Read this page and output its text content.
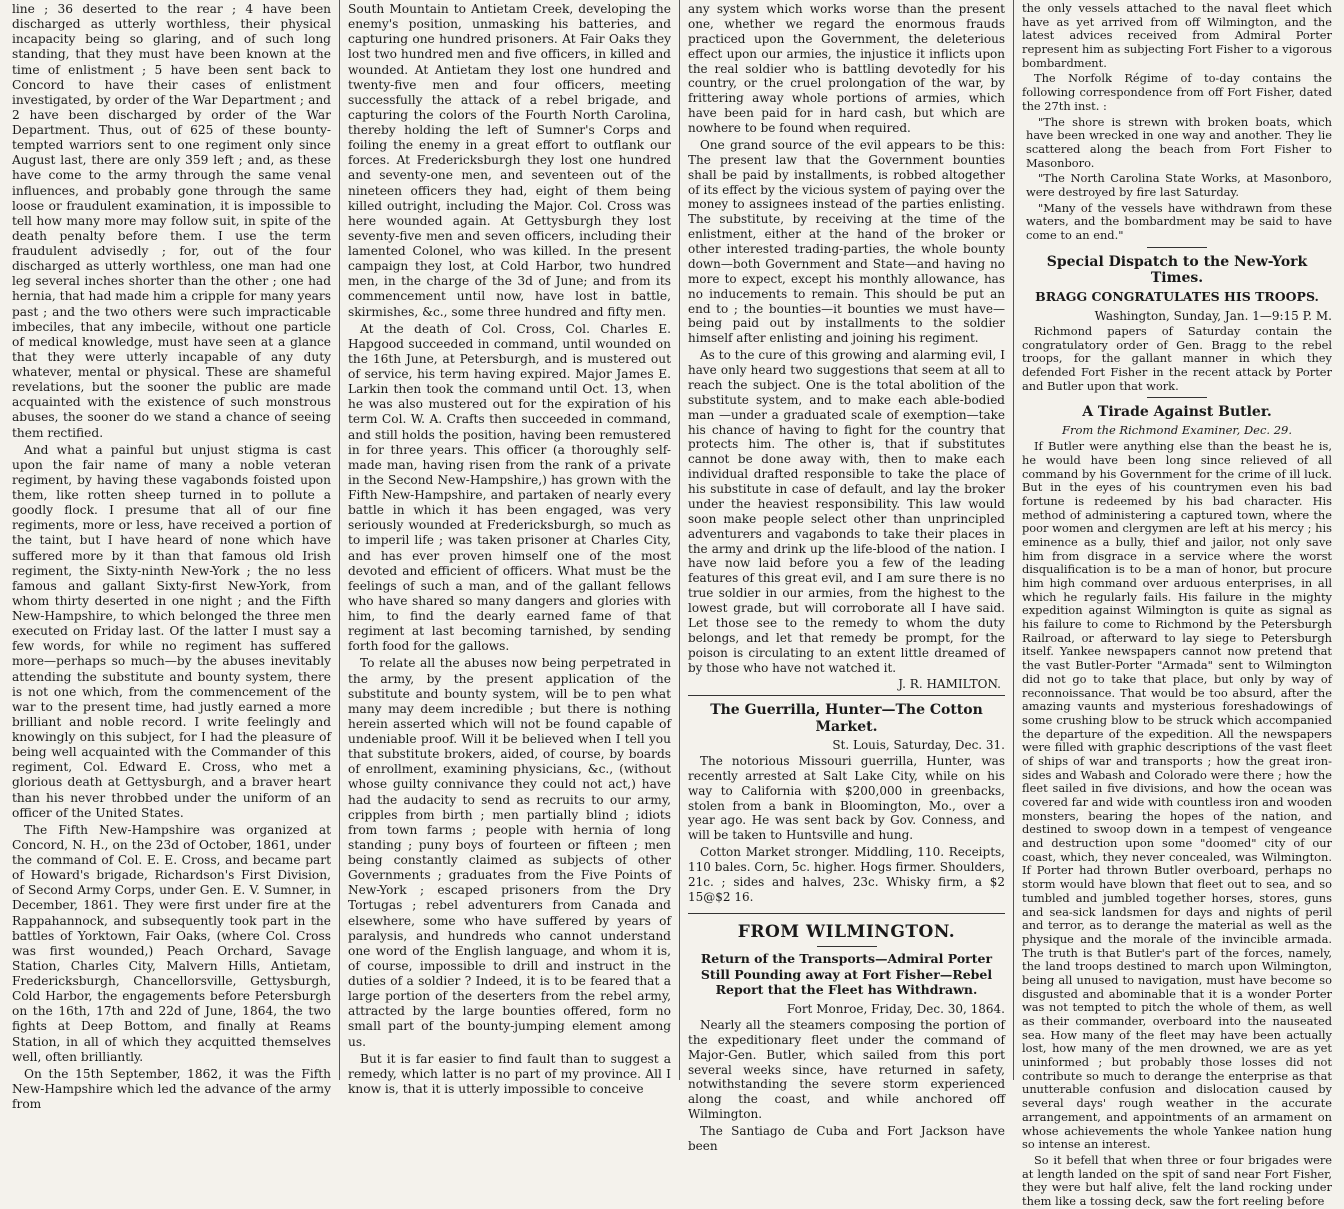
line ; 36 deserted to the rear ; 4 have been discharged as utterly worthless, their physical incapacity being so glaring, and of such long standing, that they must have been known at the time of enlistment ; 5 have been sent back to Concord to have their cases of enlistment investigated, by order of the War Department ; and 2 have been discharged by order of the War Department. Thus, out of 625 of these bounty-tempted warriors sent to one regiment only since August last, there are only 359 left ; and, as these have come to the army through the same venal influences, and probably gone through the same loose or fraudulent examination, it is impossible to tell how many more may follow suit, in spite of the death penalty before them. I use the term fraudulent advisedly ; for, out of the four discharged as utterly worthless, one man had one leg several inches shorter than the other ; one had hernia, that had made him a cripple for many years past ; and the two others were such impracticable imbeciles, that any imbecile, without one particle of medical knowledge, must have seen at a glance that they were utterly incapable of any duty whatever, mental or physical. These are shameful revelations, but the sooner the public are made acquainted with the existence of such monstrous abuses, the sooner do we stand a chance of seeing them rectified.

And what a painful but unjust stigma is cast upon the fair name of many a noble veteran regiment, by having these vagabonds foisted upon them, like rotten sheep turned in to pollute a goodly flock. I presume that all of our fine regiments, more or less, have received a portion of the taint, but I have heard of none which have suffered more by it than that famous old Irish regiment, the Sixty-ninth New-York ; the no less famous and gallant Sixty-first New-York, from whom thirty deserted in one night ; and the Fifth New-Hampshire, to which belonged the three men executed on Friday last. Of the latter I must say a few words, for while no regiment has suffered more—perhaps so much—by the abuses inevitably attending the substitute and bounty system, there is not one which, from the commencement of the war to the present time, had justly earned a more brilliant and noble record. I write feelingly and knowingly on this subject, for I had the pleasure of being well acquainted with the Commander of this regiment, Col. Edward E. Cross, who met a glorious death at Gettysburgh, and a braver heart than his never throbbed under the uniform of an officer of the United States.

The Fifth New-Hampshire was organized at Concord, N. H., on the 23d of October, 1861, under the command of Col. E. E. Cross, and became part of Howard's brigade, Richardson's First Division, of Second Army Corps, under Gen. E. V. Sumner, in December, 1861. They were first under fire at the Rappahannock, and subsequently took part in the battles of Yorktown, Fair Oaks, (where Col. Cross was first wounded,) Peach Orchard, Savage Station, Charles City, Malvern Hills, Antietam, Fredericksburgh, Chancellorsville, Gettysburgh, Cold Harbor, the engagements before Petersburgh on the 16th, 17th and 22d of June, 1864, the two fights at Deep Bottom, and finally at Reams Station, in all of which they acquitted themselves well, often brilliantly.

On the 15th September, 1862, it was the Fifth New-Hampshire which led the advance of the army from

South Mountain to Antietam Creek, developing the enemy's position, unmasking his batteries, and capturing one hundred prisoners. At Fair Oaks they lost two hundred men and five officers, in killed and wounded. At Antietam they lost one hundred and twenty-five men and four officers, meeting successfully the attack of a rebel brigade, and capturing the colors of the Fourth North Carolina, thereby holding the left of Sumner's Corps and foiling the enemy in a great effort to outflank our forces. At Fredericksburgh they lost one hundred and seventy-one men, and seventeen out of the nineteen officers they had, eight of them being killed outright, including the Major. Col. Cross was here wounded again. At Gettysburgh they lost seventy-five men and seven officers, including their lamented Colonel, who was killed. In the present campaign they lost, at Cold Harbor, two hundred men, in the charge of the 3d of June; and from its commencement until now, have lost in battle, skirmishes, &c., some three hundred and fifty men.

At the death of Col. Cross, Col. Charles E. Hapgood succeeded in command, until wounded on the 16th June, at Petersburgh, and is mustered out of service, his term having expired. Major James E. Larkin then took the command until Oct. 13, when he was also mustered out for the expiration of his term Col. W. A. Crafts then succeeded in command, and still holds the position, having been remustered in for three years. This officer (a thoroughly self-made man, having risen from the rank of a private in the Second New-Hampshire,) has grown with the Fifth New-Hampshire, and partaken of nearly every battle in which it has been engaged, was very seriously wounded at Fredericksburgh, so much as to imperil life ; was taken prisoner at Charles City, and has ever proven himself one of the most devoted and efficient of officers. What must be the feelings of such a man, and of the gallant fellows who have shared so many dangers and glories with him, to find the dearly earned fame of that regiment at last becoming tarnished, by sending forth food for the gallows.

To relate all the abuses now being perpetrated in the army, by the present application of the substitute and bounty system, will be to pen what many may deem incredible ; but there is nothing herein asserted which will not be found capable of undeniable proof. Will it be believed when I tell you that substitute brokers, aided, of course, by boards of enrollment, examining physicians, &c., (without whose guilty connivance they could not act,) have had the audacity to send as recruits to our army, cripples from birth ; men partially blind ; idiots from town farms ; people with hernia of long standing ; puny boys of fourteen or fifteen ; men being constantly claimed as subjects of other Governments ; graduates from the Five Points of New-York ; escaped prisoners from the Dry Tortugas ; rebel adventurers from Canada and elsewhere, some who have suffered by years of paralysis, and hundreds who cannot understand one word of the English language, and whom it is, of course, impossible to drill and instruct in the duties of a soldier ? Indeed, it is to be feared that a large portion of the deserters from the rebel army, attracted by the large bounties offered, form no small part of the bounty-jumping element among us.

But it is far easier to find fault than to suggest a remedy, which latter is no part of my province. All I know is, that it is utterly impossible to conceive

any system which works worse than the present one, whether we regard the enormous frauds practiced upon the Government, the deleterious effect upon our armies, the injustice it inflicts upon the real soldier who is battling devotedly for his country, or the cruel prolongation of the war, by frittering away whole portions of armies, which have been paid for in hard cash, but which are nowhere to be found when required.

One grand source of the evil appears to be this: The present law that the Government bounties shall be paid by installments, is robbed altogether of its effect by the vicious system of paying over the money to assignees instead of the parties enlisting. The substitute, by receiving at the time of the enlistment, either at the hand of the broker or other interested trading-parties, the whole bounty down—both Government and State—and having no more to expect, except his monthly allowance, has no inducements to remain. This should be put an end to ; the bounties—it bounties we must have—being paid out by installments to the soldier himself after enlisting and joining his regiment.

As to the cure of this growing and alarming evil, I have only heard two suggestions that seem at all to reach the subject. One is the total abolition of the substitute system, and to make each able-bodied man —under a graduated scale of exemption—take his chance of having to fight for the country that protects him. The other is, that if substitutes cannot be done away with, then to make each individual drafted responsible to take the place of his substitute in case of default, and lay the broker under the heaviest responsibility. This law would soon make people select other than unprincipled adventurers and vagabonds to take their places in the army and drink up the life-blood of the nation. I have now laid before you a few of the leading features of this great evil, and I am sure there is no true soldier in our armies, from the highest to the lowest grade, but will corroborate all I have said. Let those see to the remedy to whom the duty belongs, and let that remedy be prompt, for the poison is circulating to an extent little dreamed of by those who have not watched it.

J. R. HAMILTON.
The Guerrilla, Hunter—The Cotton Market.
St. Louis, Saturday, Dec. 31.

The notorious Missouri guerrilla, Hunter, was recently arrested at Salt Lake City, while on his way to California with $200,000 in greenbacks, stolen from a bank in Bloomington, Mo., over a year ago. He was sent back by Gov. Conness, and will be taken to Huntsville and hung.

Cotton Market stronger. Middling, 110. Receipts, 110 bales. Corn, 5c. higher. Hogs firmer. Shoulders, 21c. ; sides and halves, 23c. Whisky firm, a $2 15@$2 16.

FROM WILMINGTON.
Return of the Transports—Admiral Porter Still Pounding away at Fort Fisher—Rebel Report that the Fleet has Withdrawn.
Fort Monroe, Friday, Dec. 30, 1864.

Nearly all the steamers composing the portion of the expeditionary fleet under the command of Major-Gen. Butler, which sailed from this port several weeks since, have returned in safety, notwithstanding the severe storm experienced along the coast, and while anchored off Wilmington.

The Santiago de Cuba and Fort Jackson have been

the only vessels attached to the naval fleet which have as yet arrived from off Wilmington, and the latest advices received from Admiral Porter represent him as subjecting Fort Fisher to a vigorous bombardment.

The Norfolk Régime of to-day contains the following correspondence from off Fort Fisher, dated the 27th inst. :

"The shore is strewn with broken boats, which have been wrecked in one way and another. They lie scattered along the beach from Fort Fisher to Masonboro.

"The North Carolina State Works, at Masonboro, were destroyed by fire last Saturday.

"Many of the vessels have withdrawn from these waters, and the bombardment may be said to have come to an end."

Special Dispatch to the New-York Times.
BRAGG CONGRATULATES HIS TROOPS.
Washington, Sunday, Jan. 1—9:15 P. M.

Richmond papers of Saturday contain the congratulatory order of Gen. Bragg to the rebel troops, for the gallant manner in which they defended Fort Fisher in the recent attack by Porter and Butler upon that work.

A Tirade Against Butler.
From the Richmond Examiner, Dec. 29.

If Butler were anything else than the beast he is, he would have been long since relieved of all command by his Government for the crime of ill luck. But in the eyes of his countrymen even his bad fortune is redeemed by his bad character. His method of administering a captured town, where the poor women and clergymen are left at his mercy ; his eminence as a bully, thief and jailor, not only save him from disgrace in a service where the worst disqualification is to be a man of honor, but procure him high command over arduous enterprises, in all which he regularly fails. His failure in the mighty expedition against Wilmington is quite as signal as his failure to come to Richmond by the Petersburgh Railroad, or afterward to lay siege to Petersburgh itself. Yankee newspapers cannot now pretend that the vast Butler-Porter "Armada" sent to Wilmington did not go to take that place, but only by way of reconnoissance. That would be too absurd, after the amazing vaunts and mysterious foreshadowings of some crushing blow to be struck which accompanied the departure of the expedition. All the newspapers were filled with graphic descriptions of the vast fleet of ships of war and transports ; how the great iron-sides and Wabash and Colorado were there ; how the fleet sailed in five divisions, and how the ocean was covered far and wide with countless iron and wooden monsters, bearing the hopes of the nation, and destined to swoop down in a tempest of vengeance and destruction upon some "doomed" city of our coast, which, they never concealed, was Wilmington. If Porter had thrown Butler overboard, perhaps no storm would have blown that fleet out to sea, and so tumbled and jumbled together horses, stores, guns and sea-sick landsmen for days and nights of peril and terror, as to derange the material as well as the physique and the morale of the invincible armada. The truth is that Butler's part of the forces, namely, the land troops destined to march upon Wilmington, being all unused to navigation, must have become so disgusted and abominable that it is a wonder Porter was not tempted to pitch the whole of them, as well as their commander, overboard into the nauseated sea. How many of the fleet may have been actually lost, how many of the men drowned, we are as yet uninformed ; but probably those losses did not contribute so much to derange the enterprise as that unutterable confusion and dislocation caused by several days' rough weather in the accurate arrangement, and appointments of an armament on whose achievements the whole Yankee nation hung so intense an interest.

So it befell that when three or four brigades were at length landed on the spit of sand near Fort Fisher, they were but half alive, felt the land rocking under them like a tossing deck, saw the fort reeling before
